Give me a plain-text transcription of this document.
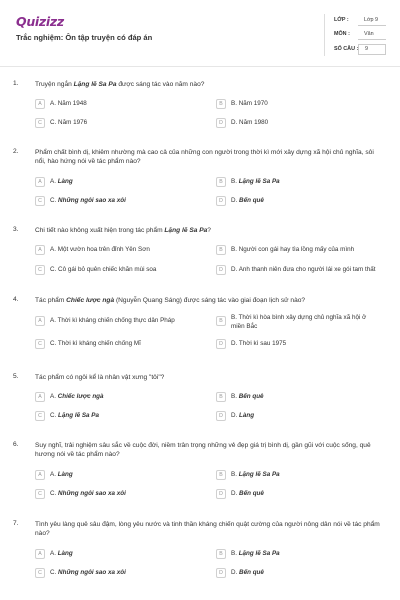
Quizizz
Trắc nghiệm: Ôn tập truyện có đáp án
LỚP :	Lớp 9
MÔN :	Văn
SỐ CÂU :	9
1.	Truyện ngắn Lặng lẽ Sa Pa được sáng tác vào năm nào?
A	A. Năm 1948	B	B. Năm 1970
C	C. Năm 1976	D	D. Năm 1980
2.	Phẩm chất bình dị, khiêm nhường mà cao cả của những con người trong thời kì mới xây dựng xã hội chủ nghĩa, sôi nổi, hào hứng nói về tác phẩm nào?
A	A. Làng	B	B. Lặng lẽ Sa Pa
C	C. Những ngôi sao xa xôi	D	D. Bến quê
3.	Chi tiết nào không xuất hiện trong tác phẩm Lặng lẽ Sa Pa?
A	A. Một vườn hoa trên đỉnh Yên Sơn	B	B. Người con gái hay tìa lồng mấy của mình
C	C. Cô gái bỏ quên chiếc khăn mùi soa	D	D. Anh thanh niên đưa cho người lái xe gói tam thất
4.	Tác phẩm Chiếc lược ngà (Nguyễn Quang Sáng) được sáng tác vào giai đoạn lịch sử nào?
A	A. Thời kì kháng chiến chống thực dân Pháp	B	B. Thời kì hòa bình xây dựng chủ nghĩa xã hội ở miền Bắc
C	C. Thời kì kháng chiến chống Mĩ	D	D. Thời kì sau 1975
5.	Tác phẩm có ngôi kể là nhân vật xưng "tôi"?
A	A. Chiếc lược ngà	B	B. Bến quê
C	C. Lặng lẽ Sa Pa	D	D. Làng
6.	Suy nghĩ, trải nghiệm sâu sắc về cuộc đời, niềm trân trọng những vẻ đẹp giá trị bình dị, gần gũi với cuộc sống, quê hương nói về tác phẩm nào?
A	A. Làng	B	B. Lặng lẽ Sa Pa
C	C. Những ngôi sao xa xôi	D	D. Bến quê
7.	Tình yêu làng quê sâu đậm, lòng yêu nước và tinh thần kháng chiến quật cường của người nông dân nói về tác phẩm nào?
A	A. Làng	B	B. Lặng lẽ Sa Pa
C	C. Những ngôi sao xa xôi	D	D. Bến quê
